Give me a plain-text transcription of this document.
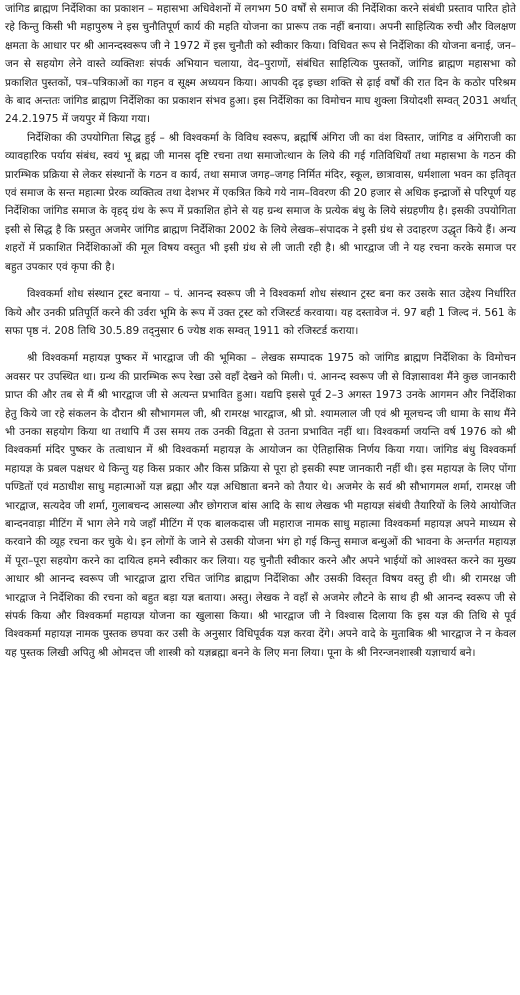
जांगिड ब्राह्मण निर्देशिका का प्रकाशन – महासभा अधिवेशनों में लगभग 50 वर्षों से समाज की निर्देशिका करने संबंधी प्रस्ताव पारित होते रहे किन्तु किसी भी महापुरुष ने इस चुनौतिपूर्ण कार्य की महति योजना का प्रारूप तक नहीं बनाया। अपनी साहित्यिक रुची और विलक्षण क्षमता के आधार पर श्री आनन्दस्वरूप जी ने 1972 में इस चुनौती को स्वीकार किया। विधिवत रूप से निर्देशिका की योजना बनाई, जन–जन से सहयोग लेने वास्ते व्यक्तिशः संपर्क अभियान चलाया, वेद–पुराणों, संबंधित साहित्यिक पुस्तकों, जांगिड ब्राह्मण महासभा को प्रकाशित पुस्तकों, पत्र–पत्रिकाओं का गहन व सूक्ष्म अध्ययन किया। आपकी दृढ़ इच्छा शक्ति से ढ़ाई वर्षों की रात दिन के कठोर परिश्रम के बाद अन्ततः जांगिड ब्राह्मण निर्देशिका का प्रकाशन संभव हुआ। इस निर्देशिका का विमोचन माघ शुक्ला त्रियोदशी सम्वत् 2031 अर्थात् 24.2.1975 में जयपुर में किया गया।

निर्देशिका की उपयोगिता सिद्ध हुई – श्री विश्वकर्मा के विविध स्वरूप, ब्रह्मर्षि अंगिरा जी का वंश विस्तार, जांगिड व अंगिराजी का व्यावहारिक पर्याय संबंध, स्वयं भू ब्रह्म जी मानस दृष्टि रचना तथा समाजोत्थान के लिये की गई गतिविधियाँ तथा महासभा के गठन की प्रारम्भिक प्रक्रिया से लेकर संस्थानों के गठन व कार्य, तथा समाज जगह–जगह निर्मित मंदिर, स्कूल, छात्रावास, धर्मशाला भवन का इतिवृत एवं समाज के सन्त महात्मा प्रेरक व्यक्तित्व तथा देशभर में एकत्रित किये गये नाम–विवरण की 20 हजार से अधिक इन्द्राजों से परिपूर्ण यह निर्देशिका जांगिड समाज के वृहद् ग्रंथ के रूप में प्रकाशित होने से यह ग्रन्थ समाज के प्रत्येक बंधु के लिये संग्रहणीय है। इसकी उपयोगिता इसी से सिद्ध है कि प्रस्तुत अजमेर जांगिड ब्राह्मण निर्देशिका 2002 के लिये लेखक–संपादक ने इसी ग्रंथ से उदाहरण उद्धृत किये हैं। अन्य शहरों में प्रकाशित निर्देशिकाओं की मूल विषय वस्तुत भी इसी ग्रंथ से ली जाती रही है। श्री भारद्वाज जी ने यह रचना करके समाज पर बहुत उपकार एवं कृपा की है।

विश्वकर्मा शोध संस्थान ट्रस्ट बनाया – पं. आनन्द स्वरूप जी ने विश्वकर्मा शोध संस्थान ट्रस्ट बना कर उसके सात उद्देश्य निर्धारित किये और उनकी प्रतिपूर्ति करने की उर्वरा भूमि के रूप में उक्त ट्रस्ट को रजिस्टर्ड करवाया। यह दस्तावेज नं. 97 बही 1 जिल्द नं. 561 के सफा पृष्ठ नं. 208 तिथि 30.5.89 तद्नुसार 6 ज्येष्ठ शक सम्वत् 1911 को रजिस्टर्ड कराया।

श्री विश्वकर्मा महायज्ञ पुष्कर में भारद्वाज जी की भूमिका – लेखक सम्पादक 1975 को जांगिड ब्राह्मण निर्देशिका के विमोचन अवसर पर उपस्थित था। ग्रन्थ की प्रारम्भिक रूप रेखा उसे वहाँ देखने को मिली। पं. आनन्द स्वरूप जी से विज्ञासावश मैंने कुछ जानकारी प्राप्त की और तब से मैं श्री भारद्वाज जी से अत्यन्त प्रभावित हुआ। यद्यपि इससे पूर्व 2–3 अगस्त 1973 उनके आगमन और निर्देशिका हेतु किये जा रहे संकलन के दौरान श्री सौभागमल जी, श्री रामरक्ष भारद्वाज, श्री प्रो. श्यामलाल जी एवं श्री मूलचन्द जी धामा के साथ मैंने भी उनका सहयोग किया था तथापि मैं उस समय तक उनकी विद्वता से उतना प्रभावित नहीं था। विश्वकर्मा जयन्ति वर्ष 1976 को श्री विश्वकर्मा मंदिर पुष्कर के तत्वाधान में श्री विश्वकर्मा महायज्ञ के आयोजन का ऐतिहासिक निर्णय किया गया। जांगिड बंधु विश्वकर्मा महायज्ञ के प्रबल पक्षधर थे किन्तु यह किस प्रकार और किस प्रक्रिया से पूरा हो इसकी स्पष्ट जानकारी नहीं थी। इस महायज्ञ के लिए पोंगा पण्डितों एवं मठाधीश साधु महात्माओं यज्ञ ब्रह्मा और यज्ञ अधिष्ठाता बनने को तैयार थे। अजमेर के सर्व श्री सौभागमल शर्मा, रामरक्ष जी भारद्वाज, सत्यदेव जी शर्मा, गुलाबचन्द आसल्या और छोगराज बांस आदि के साथ लेखक भी महायज्ञ संबंधी तैयारियों के लिये आयोजित बान्दनवाड़ा मीटिंग में भाग लेने गये जहाँ मीटिंग में एक बालकदास जी महाराज नामक साधु महात्मा विश्वकर्मा महायज्ञ अपने माध्यम से करवाने की व्यूह रचना कर चुके थे। इन लोगों के जाने से उसकी योजना भंग हो गई किन्तु समाज बन्धुओं की भावना के अन्तर्गत महायज्ञ में पूरा–पूरा सहयोग करने का दायित्व हमने स्वीकार कर लिया। यह चुनौती स्वीकार करने और अपने भाईयों को आश्वस्त करने का मुख्य आधार श्री आनन्द स्वरूप जी भारद्वाज द्वारा रचित जांगिड ब्राह्मण निर्देशिका और उसकी विस्तृत विषय वस्तु ही थी। श्री रामरक्ष जी भारद्वाज ने निर्देशिका की रचना को बहुत बड़ा यज्ञ बताया। अस्तु। लेखक ने वहाँ से अजमेर लौटने के साथ ही श्री आनन्द स्वरूप जी से संपर्क किया और विश्वकर्मा महायज्ञ योजना का खुलासा किया। श्री भारद्वाज जी ने विश्वास दिलाया कि इस यज्ञ की तिथि से पूर्व विश्वकर्मा महायज्ञ नामक पुस्तक छपवा कर उसी के अनुसार विधिपूर्वक यज्ञ करवा देंगे। अपने वादे के मुताबिक श्री भारद्वाज ने न केवल यह पुस्तक लिखी अपितु श्री ओमदत्त जी शास्त्री को यज्ञब्रह्मा बनने के लिए मना लिया। पूना के श्री निरन्जनशास्त्री यज्ञाचार्य बने।
